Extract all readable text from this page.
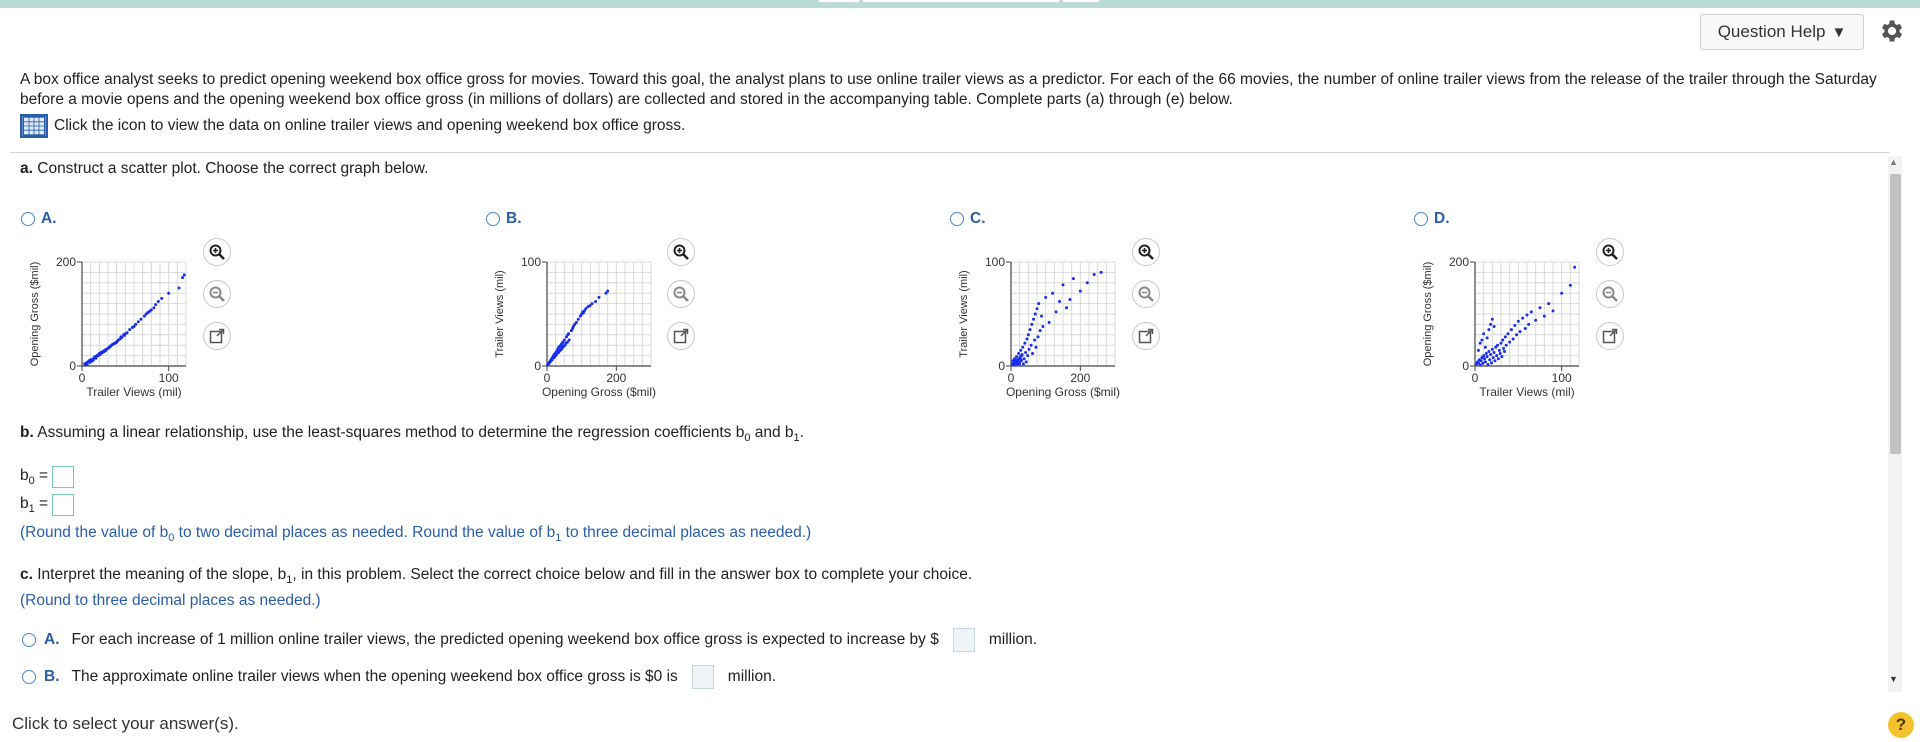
Question Help ▼
A box office analyst seeks to predict opening weekend box office gross for movies. Toward this goal, the analyst plans to use online trailer views as a predictor. For each of the 66 movies, the number of online trailer views from the release of the trailer through the Saturday before a movie opens and the opening weekend box office gross (in millions of dollars) are collected and stored in the accompanying table. Complete parts (a) through (e) below.
Click the icon to view the data on online trailer views and opening weekend box office gross.
▲
▼
a. Construct a scatter plot. Choose the correct graph below.
A.	B.	C.	D.
0	100
0
200
Trailer Views (mil)
Opening Gross ($mil)
0	200
0
100
Opening Gross ($mil)
Trailer Views (mil)
0	200
0
100
Opening Gross ($mil)
Trailer Views (mil)
0	100
0
200
Trailer Views (mil)
Opening Gross ($mil)
b. Assuming a linear relationship, use the least-squares method to determine the regression coefficients $b_0$ and $b_1$.
$b_0$ =
$b_1$ =
(Round the value of $b_0$ to two decimal places as needed. Round the value of $b_1$ to three decimal places as needed.)
c. Interpret the meaning of the slope, $b_1$, in this problem. Select the correct choice below and fill in the answer box to complete your choice.
(Round to three decimal places as needed.)
A. For each increase of 1 million online trailer views, the predicted opening weekend box office gross is expected to increase by $	million.
B. The approximate online trailer views when the opening weekend box office gross is $0 is	million.
Click to select your answer(s).	?
